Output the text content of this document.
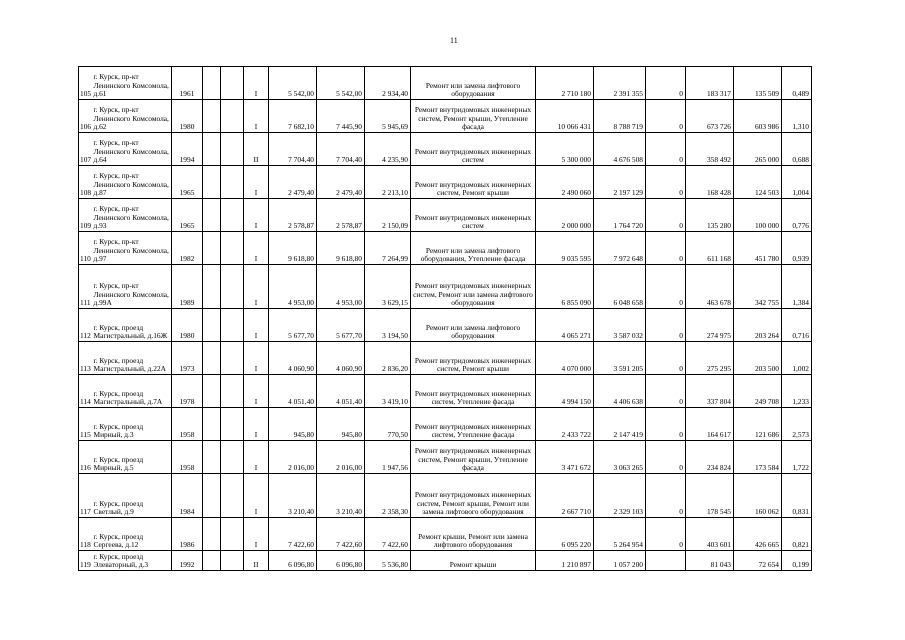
11
105	г. Курск, пр-кт Ленинского Комсомола, д.61	1961			I	5 542,00	5 542,00	2 934,40	Ремонт или замена лифтового оборудования	2 710 180	2 391 355	0	183 317	135 509	0,489
106	г. Курск, пр-кт Ленинского Комсомола, д.62	1980			I	7 682,10	7 445,90	5 945,69	Ремонт внутридомовых инженерных систем, Ремонт крыши, Утепление фасада	10 066 431	8 788 719	0	673 726	603 986	1,310
107	г. Курск, пр-кт Ленинского Комсомола, д.64	1994			II	7 704,40	7 704,40	4 235,90	Ремонт внутридомовых инженерных систем	5 300 000	4 676 508	0	358 492	265 000	0,688
108	г. Курск, пр-кт Ленинского Комсомола, д.87	1965			I	2 479,40	2 479,40	2 213,10	Ремонт внутридомовых инженерных систем, Ремонт крыши	2 490 060	2 197 129	0	168 428	124 503	1,004
109	г. Курск, пр-кт Ленинского Комсомола, д.93	1965			I	2 578,87	2 578,87	2 150,09	Ремонт внутридомовых инженерных систем	2 000 000	1 764 720	0	135 280	100 000	0,776
110	г. Курск, пр-кт Ленинского Комсомола, д.97	1982			I	9 618,80	9 618,80	7 264,99	Ремонт или замена лифтового оборудования, Утепление фасада	9 035 595	7 972 648	0	611 168	451 780	0,939
111	г. Курск, пр-кт Ленинского Комсомола, д.99А	1989			I	4 953,00	4 953,00	3 629,15	Ремонт внутридомовых инженерных систем, Ремонт или замена лифтового оборудования	6 855 090	6 048 658	0	463 678	342 755	1,384
112	г. Курск, проезд Магистральный, д.16Ж	1980			I	5 677,70	5 677,70	3 194,50	Ремонт или замена лифтового оборудования	4 065 271	3 587 032	0	274 975	203 264	0,716
113	г. Курск, проезд Магистральный, д.22А	1973			I	4 060,90	4 060,90	2 836,20	Ремонт внутридомовых инженерных систем, Ремонт крыши	4 070 000	3 591 205	0	275 295	203 500	1,002
114	г. Курск, проезд Магистральный, д.7А	1978			I	4 051,40	4 051,40	3 419,10	Ремонт внутридомовых инженерных систем, Утепление фасада	4 994 150	4 406 638	0	337 804	249 708	1,233
115	г. Курск, проезд Мирный, д.3	1958			I	945,80	945,80	770,50	Ремонт внутридомовых инженерных систем, Утепление фасада	2 433 722	2 147 419	0	164 617	121 686	2,573
116	г. Курск, проезд Мирный, д.5	1958			I	2 016,00	2 016,00	1 947,56	Ремонт внутридомовых инженерных систем, Ремонт крыши, Утепление фасада	3 471 672	3 063 265	0	234 824	173 584	1,722
117	г. Курск, проезд Светлый, д.9	1984			I	3 210,40	3 210,40	2 358,30	Ремонт внутридомовых инженерных систем, Ремонт крыши, Ремонт или замена лифтового оборудования	2 667 710	2 329 103	0	178 545	160 062	0,831
118	г. Курск, проезд Сергеева, д.12	1986			I	7 422,60	7 422,60	7 422,60	Ремонт крыши, Ремонт или замена лифтового оборудования	6 095 220	5 264 954	0	403 601	426 665	0,821
119	г. Курск, проезд Элеваторный, д.3	1992			II	6 096,80	6 096,80	5 536,80	Ремонт крыши	1 210 897	1 057 200		81 043	72 654	0,199
